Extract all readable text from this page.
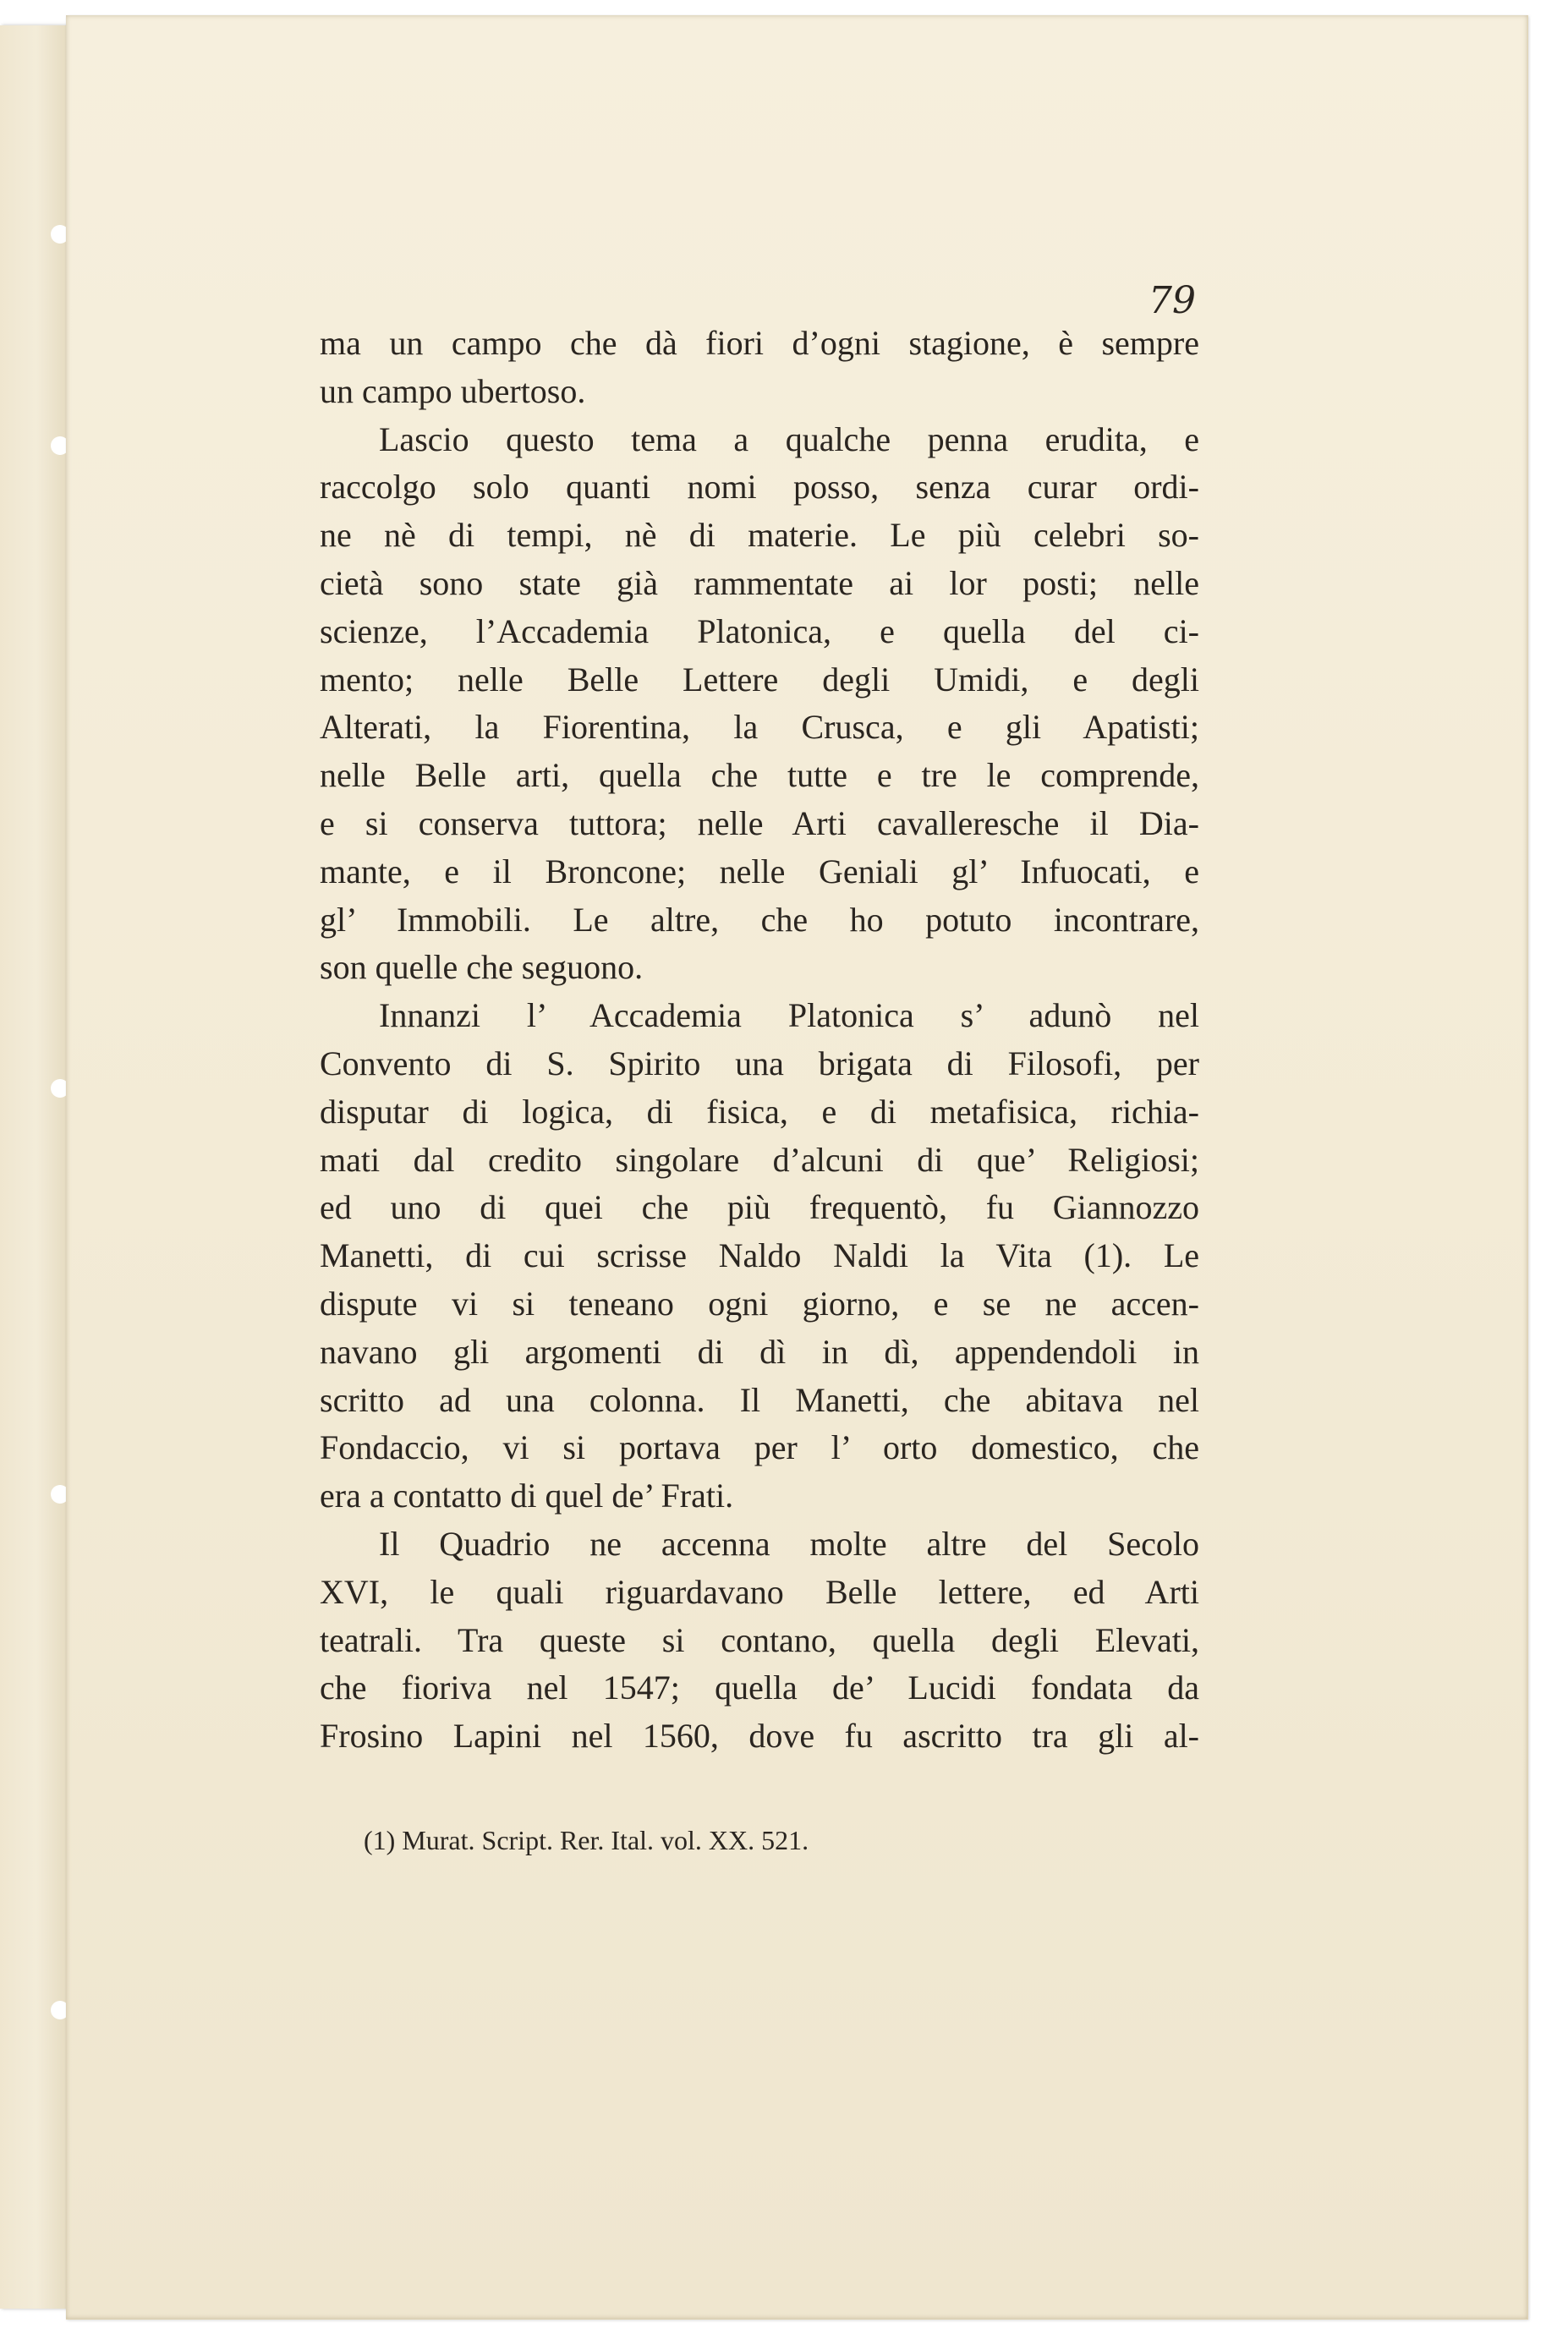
79
ma un campo che dà fiori d’ogni stagione, è sempre
un campo ubertoso.
Lascio questo tema a qualche penna erudita, e
raccolgo solo quanti nomi posso, senza curar ordi-
ne nè di tempi, nè di materie. Le più celebri so-
cietà sono state già rammentate ai lor posti; nelle
scienze, l’Accademia Platonica, e quella del ci-
mento; nelle Belle Lettere degli Umidi, e degli
Alterati, la Fiorentina, la Crusca, e gli Apatisti;
nelle Belle arti, quella che tutte e tre le comprende,
e si conserva tuttora; nelle Arti cavalleresche il Dia-
mante, e il Broncone; nelle Geniali gl’ Infuocati, e
gl’ Immobili. Le altre, che ho potuto incontrare,
son quelle che seguono.
Innanzi l’ Accademia Platonica s’ adunò nel
Convento di S. Spirito una brigata di Filosofi, per
disputar di logica, di fisica, e di metafisica, richia-
mati dal credito singolare d’alcuni di que’ Religiosi;
ed uno di quei che più frequentò, fu Giannozzo
Manetti, di cui scrisse Naldo Naldi la Vita (1). Le
dispute vi si teneano ogni giorno, e se ne accen-
navano gli argomenti di dì in dì, appendendoli in
scritto ad una colonna. Il Manetti, che abitava nel
Fondaccio, vi si portava per l’ orto domestico, che
era a contatto di quel de’ Frati.
Il Quadrio ne accenna molte altre del Secolo
XVI, le quali riguardavano Belle lettere, ed Arti
teatrali. Tra queste si contano, quella degli Elevati,
che fioriva nel 1547; quella de’ Lucidi fondata da
Frosino Lapini nel 1560, dove fu ascritto tra gli al-
(1) Murat. Script. Rer. Ital. vol. XX. 521.
